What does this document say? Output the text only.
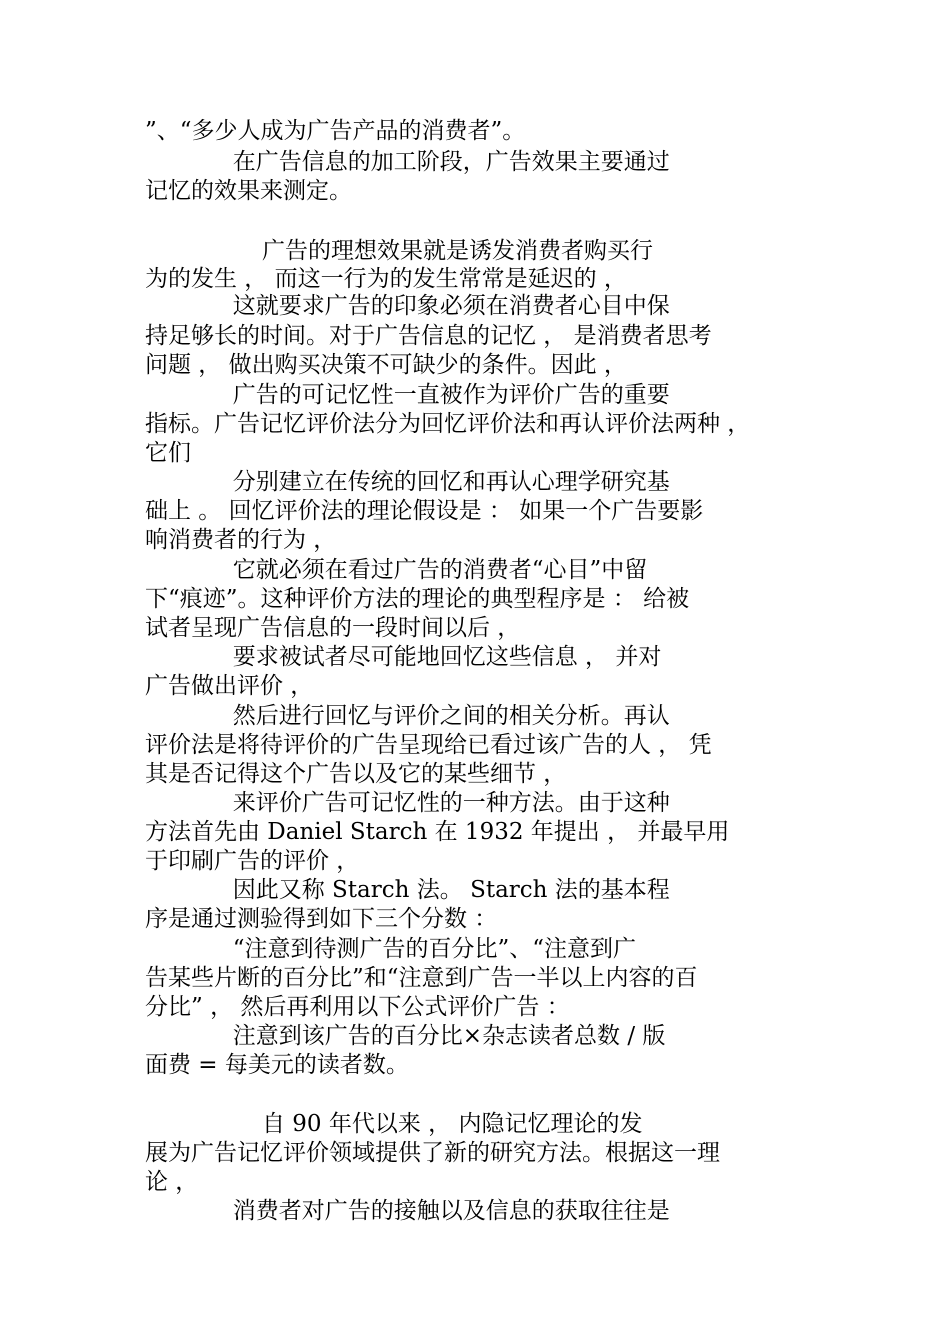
”、“多少人成为广告产品的消费者”。

在广告信息的加工阶段，广告效果主要通过

记忆的效果来测定。

广告的理想效果就是诱发消费者购买行

为的发生 ， 而这一行为的发生常常是延迟的 ，

这就要求广告的印象必须在消费者心目中保

持足够长的时间。对于广告信息的记忆 ， 是消费者思考

问题 ， 做出购买决策不可缺少的条件。因此 ，

广告的可记忆性一直被作为评价广告的重要

指标。广告记忆评价法分为回忆评价法和再认评价法两种 ，

它们

分别建立在传统的回忆和再认心理学研究基

础上 。 回忆评价法的理论假设是 ： 如果一个广告要影

响消费者的行为 ，

它就必须在看过广告的消费者“心目”中留

下“痕迹”。这种评价方法的理论的典型程序是 ： 给被

试者呈现广告信息的一段时间以后 ，

要求被试者尽可能地回忆这些信息 ， 并对

广告做出评价 ，

然后进行回忆与评价之间的相关分析。再认

评价法是将待评价的广告呈现给已看过该广告的人 ， 凭

其是否记得这个广告以及它的某些细节 ，

来评价广告可记忆性的一种方法。由于这种

方法首先由 Daniel Starch 在 1932 年提出 ， 并最早用

于印刷广告的评价 ，

因此又称 Starch 法。 Starch 法的基本程

序是通过测验得到如下三个分数 ：

“注意到待测广告的百分比”、“注意到广

告某些片断的百分比”和“注意到广告一半以上内容的百

分比” ， 然后再利用以下公式评价广告 ：

注意到该广告的百分比×杂志读者总数 / 版

面费 = 每美元的读者数。

自 90 年代以来 ， 内隐记忆理论的发

展为广告记忆评价领域提供了新的研究方法。根据这一理

论 ，

消费者对广告的接触以及信息的获取往往是
